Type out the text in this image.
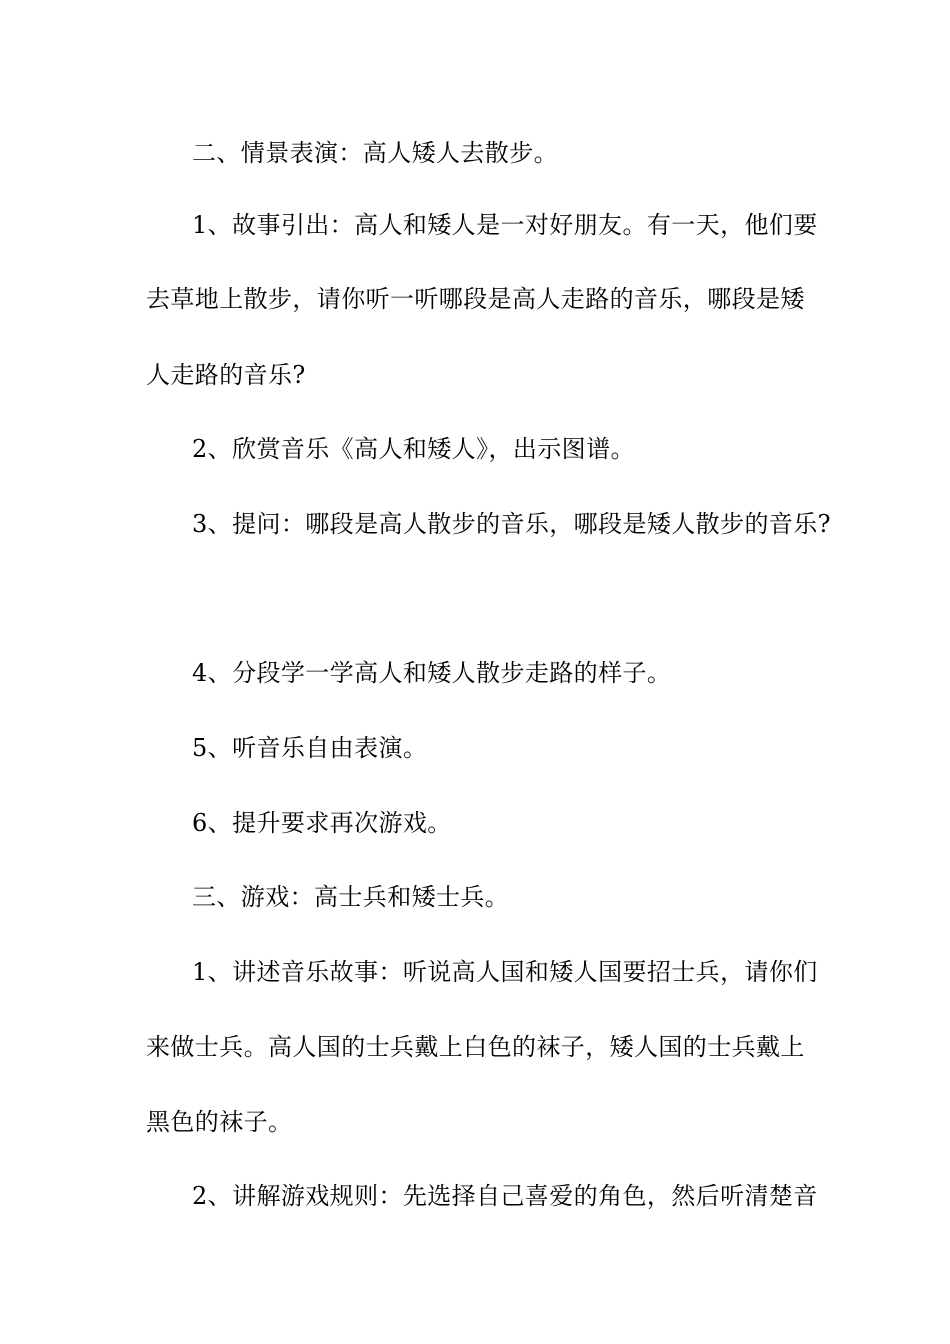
二、情景表演：高人矮人去散步。
1、故事引出：高人和矮人是一对好朋友。有一天，他们要
去草地上散步，请你听一听哪段是高人走路的音乐，哪段是矮
人走路的音乐?
2、欣赏音乐《高人和矮人》，出示图谱。
3、提问：哪段是高人散步的音乐，哪段是矮人散步的音乐?
4、分段学一学高人和矮人散步走路的样子。
5、听音乐自由表演。
6、提升要求再次游戏。
三、游戏：高士兵和矮士兵。
1、讲述音乐故事：听说高人国和矮人国要招士兵，请你们
来做士兵。高人国的士兵戴上白色的袜子，矮人国的士兵戴上
黑色的袜子。
2、讲解游戏规则：先选择自己喜爱的角色，然后听清楚音
